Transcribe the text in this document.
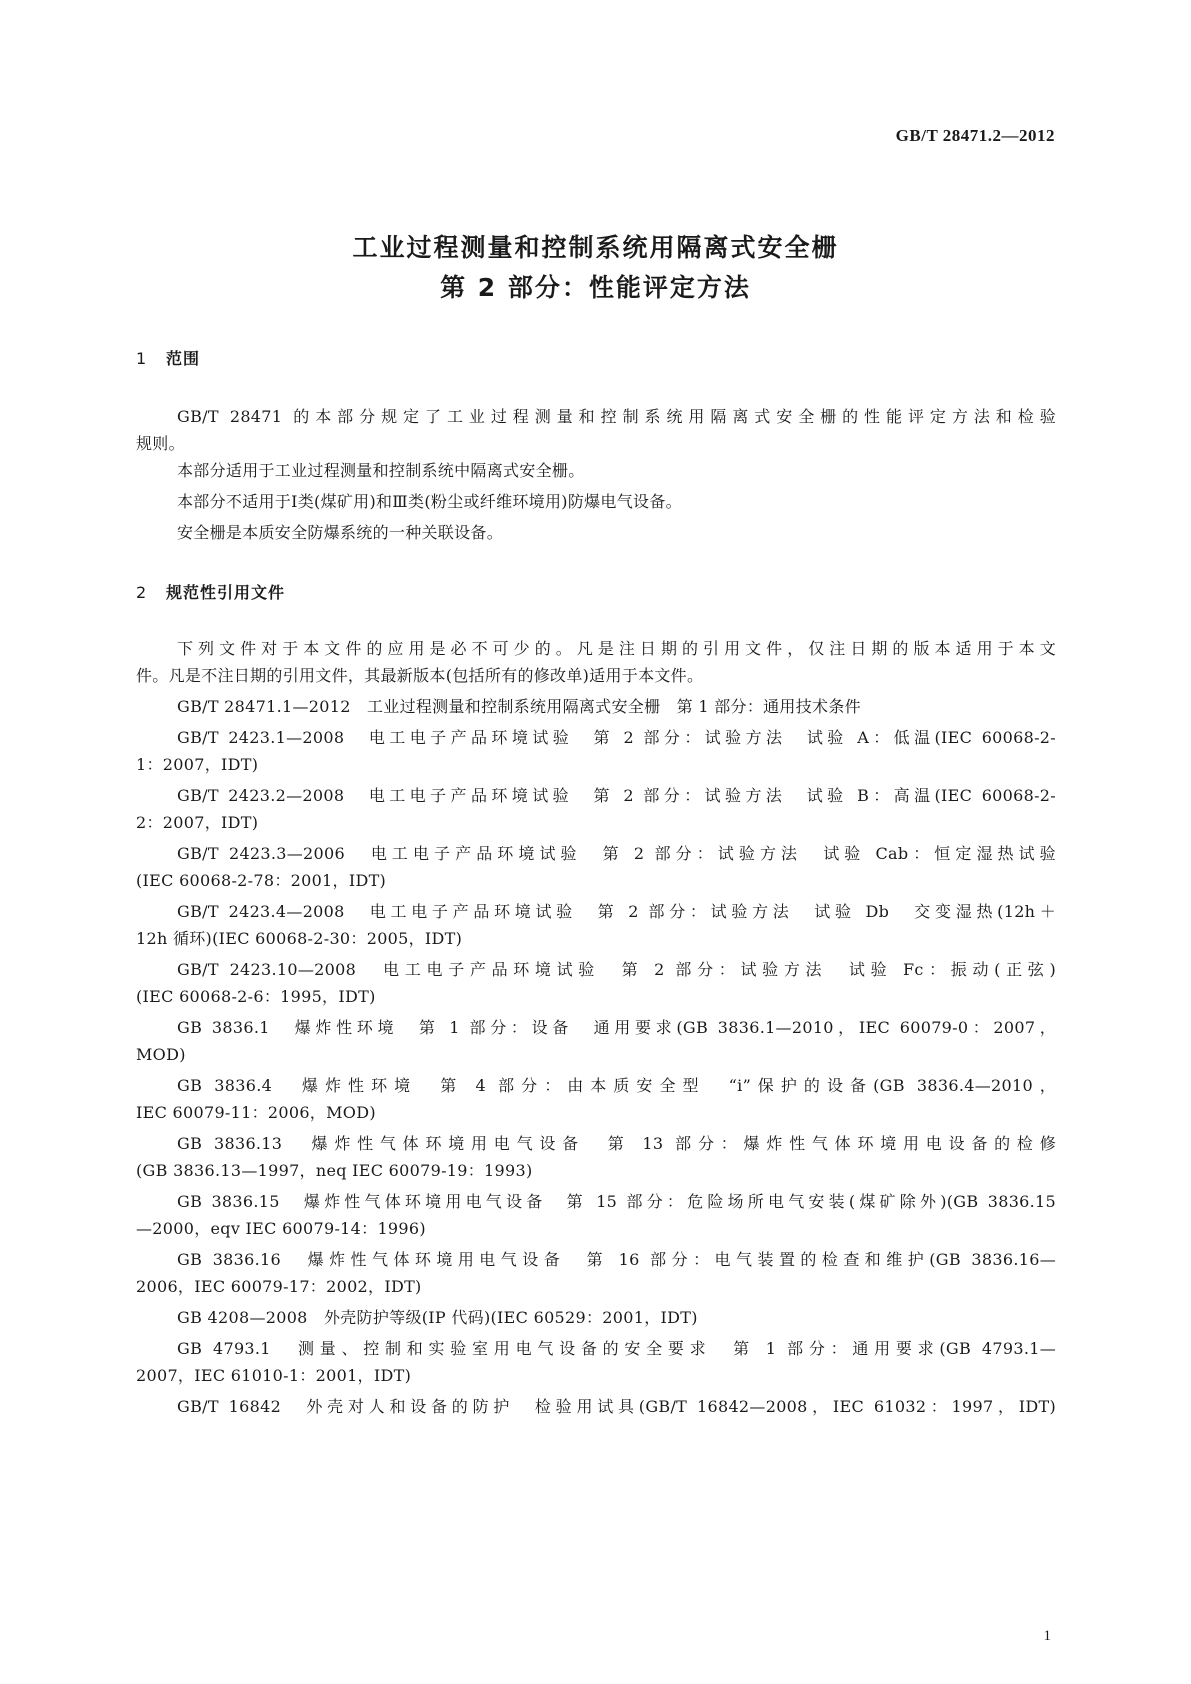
GB/T 28471.2—2012
工业过程测量和控制系统用隔离式安全栅
第 2 部分：性能评定方法
1 范围
GB/T 28471 的本部分规定了工业过程测量和控制系统用隔离式安全栅的性能评定方法和检验
规则。
本部分适用于工业过程测量和控制系统中隔离式安全栅。
本部分不适用于Ⅰ类(煤矿用)和Ⅲ类(粉尘或纤维环境用)防爆电气设备。
安全栅是本质安全防爆系统的一种关联设备。
2 规范性引用文件
下列文件对于本文件的应用是必不可少的。凡是注日期的引用文件，仅注日期的版本适用于本文
件。凡是不注日期的引用文件，其最新版本(包括所有的修改单)适用于本文件。
GB/T 28471.1—2012　工业过程测量和控制系统用隔离式安全栅　第 1 部分：通用技术条件
GB/T 2423.1—2008　电工电子产品环境试验　第 2 部分：试验方法　试验 A：低温(IEC 60068-2-
1：2007，IDT)
GB/T 2423.2—2008　电工电子产品环境试验　第 2 部分：试验方法　试验 B：高温(IEC 60068-2-
2：2007，IDT)
GB/T 2423.3—2006　电工电子产品环境试验　第 2 部分：试验方法　试验 Cab：恒定湿热试验
(IEC 60068-2-78：2001，IDT)
GB/T 2423.4—2008　电工电子产品环境试验　第 2 部分：试验方法　试验 Db　交变湿热(12h＋
12h 循环)(IEC 60068-2-30：2005，IDT)
GB/T 2423.10—2008　电工电子产品环境试验　第 2 部分：试验方法　试验 Fc：振动(正弦)
(IEC 60068-2-6：1995，IDT)
GB 3836.1　爆炸性环境　第 1 部分：设备　通用要求(GB 3836.1—2010，IEC 60079-0：2007，
MOD)
GB 3836.4　爆炸性环境　第 4 部分：由本质安全型　“i”保护的设备(GB 3836.4—2010，
IEC 60079-11：2006，MOD)
GB 3836.13　爆炸性气体环境用电气设备　第 13 部分：爆炸性气体环境用电设备的检修
(GB 3836.13—1997，neq IEC 60079-19：1993)
GB 3836.15　爆炸性气体环境用电气设备　第 15 部分：危险场所电气安装(煤矿除外)(GB 3836.15
—2000，eqv IEC 60079-14：1996)
GB 3836.16　爆炸性气体环境用电气设备　第 16 部分：电气装置的检查和维护(GB 3836.16—
2006，IEC 60079-17：2002，IDT)
GB 4208—2008　外壳防护等级(IP 代码)(IEC 60529：2001，IDT)
GB 4793.1　测量、控制和实验室用电气设备的安全要求　第 1 部分：通用要求(GB 4793.1—
2007，IEC 61010-1：2001，IDT)
GB/T 16842　外壳对人和设备的防护　检验用试具(GB/T 16842—2008，IEC 61032：1997，IDT)
1
